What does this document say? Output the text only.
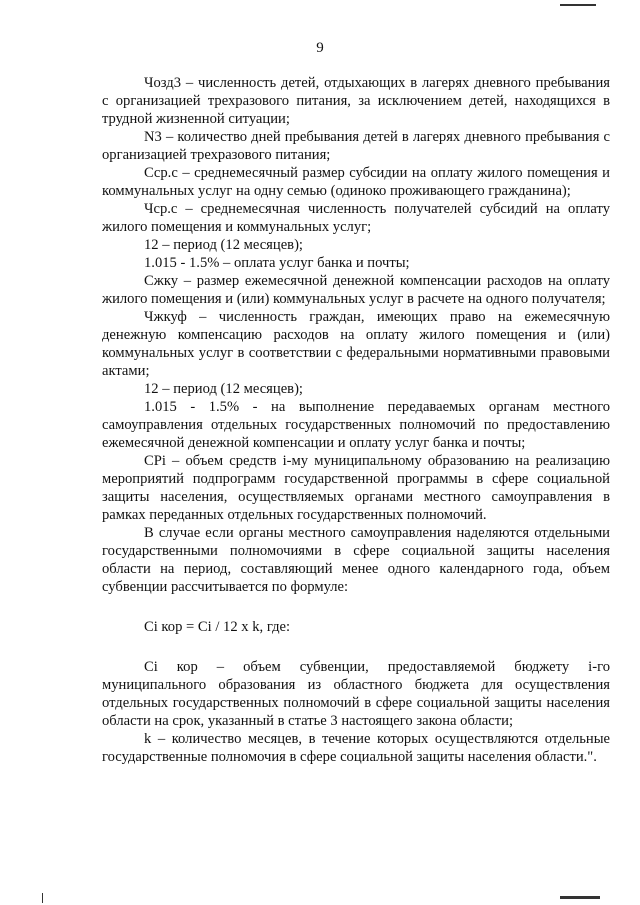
9

Чозд3 – численность детей, отдыхающих в лагерях дневного пребывания с организацией трехразового питания, за исключением детей, находящихся в трудной жизненной ситуации;

N3 – количество дней пребывания детей в лагерях дневного пребывания с организацией трехразового питания;

Сср.с – среднемесячный размер субсидии на оплату жилого помещения и коммунальных услуг на одну семью (одиноко проживающего гражданина);

Чср.с – среднемесячная численность получателей субсидий на оплату жилого помещения и коммунальных услуг;

12 – период (12 месяцев);

1.015 - 1.5% – оплата услуг банка и почты;

Сжку – размер ежемесячной денежной компенсации расходов на оплату жилого помещения и (или) коммунальных услуг в расчете на одного получателя;

Чжкуф – численность граждан, имеющих право на ежемесячную денежную компенсацию расходов на оплату жилого помещения и (или) коммунальных услуг в соответствии с федеральными нормативными правовыми актами;

12 – период (12 месяцев);

1.015 - 1.5% - на выполнение передаваемых органам местного самоуправления отдельных государственных полномочий по предоставлению ежемесячной денежной компенсации и оплату услуг банка и почты;

CPi – объем средств i-му муниципальному образованию на реализацию мероприятий подпрограмм государственной программы в сфере социальной защиты населения, осуществляемых органами местного самоуправления в рамках переданных отдельных государственных полномочий.

В случае если органы местного самоуправления наделяются отдельными государственными полномочиями в сфере социальной защиты населения области на период, составляющий менее одного календарного года, объем субвенции рассчитывается по формуле:

Ci кор = Ci / 12 x k, где:

Ci кор – объем субвенции, предоставляемой бюджету i-го муниципального образования из областного бюджета для осуществления отдельных государственных полномочий в сфере социальной защиты населения области на срок, указанный в статье 3 настоящего закона области;

k – количество месяцев, в течение которых осуществляются отдельные государственные полномочия в сфере социальной защиты населения области.".
